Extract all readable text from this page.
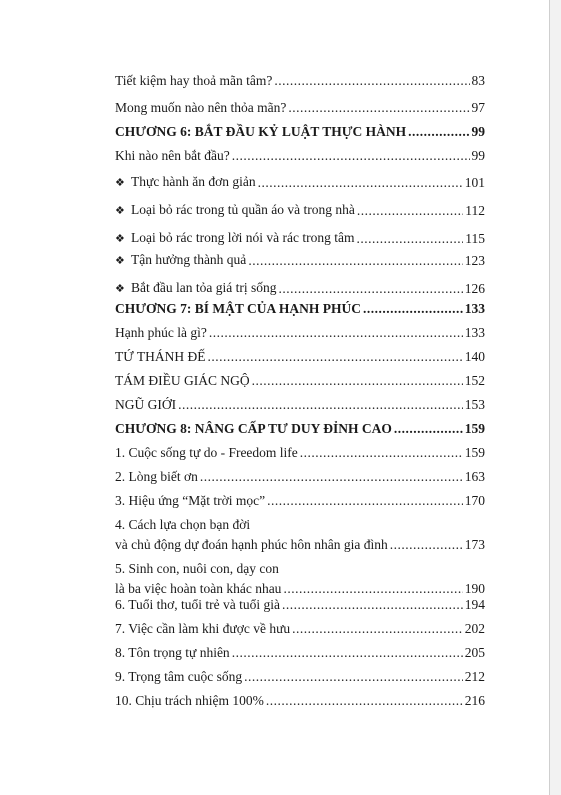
Tiết kiệm hay thoả mãn tâm? .....	83
Mong muốn nào nên thỏa mãn? .....	97
CHƯƠNG 6: BẮT ĐẦU KỶ LUẬT THỰC HÀNH .....	99
Khi nào nên bắt đầu? .....	99
❖ Thực hành ăn đơn giản .....	101
❖ Loại bỏ rác trong tủ quần áo và trong nhà .....	112
❖ Loại bỏ rác trong lời nói và rác trong tâm .....	115
❖ Tận hưởng thành quả .....	123
❖ Bắt đầu lan tỏa giá trị sống .....	126
CHƯƠNG 7: BÍ MẬT CỦA HẠNH PHÚC .....	133
Hạnh phúc là gì? .....	133
TỨ THÁNH ĐẾ .....	140
TÁM ĐIỀU GIÁC NGỘ .....	152
NGŨ GIỚI .....	153
CHƯƠNG 8: NÂNG CẤP TƯ DUY ĐỈNH CAO .....	159
1. Cuộc sống tự do - Freedom life .....	159
2. Lòng biết ơn .....	163
3. Hiệu ứng “Mặt trời mọc” .....	170
4. Cách lựa chọn bạn đời
và chủ động dự đoán hạnh phúc hôn nhân gia đình .....	173
5. Sinh con, nuôi con, dạy con
là ba việc hoàn toàn khác nhau .....	190
6. Tuổi thơ, tuổi trẻ và tuổi già .....	194
7. Việc cần làm khi được về hưu .....	202
8. Tôn trọng tự nhiên .....	205
9. Trọng tâm cuộc sống .....	212
10. Chịu trách nhiệm 100% .....	216
